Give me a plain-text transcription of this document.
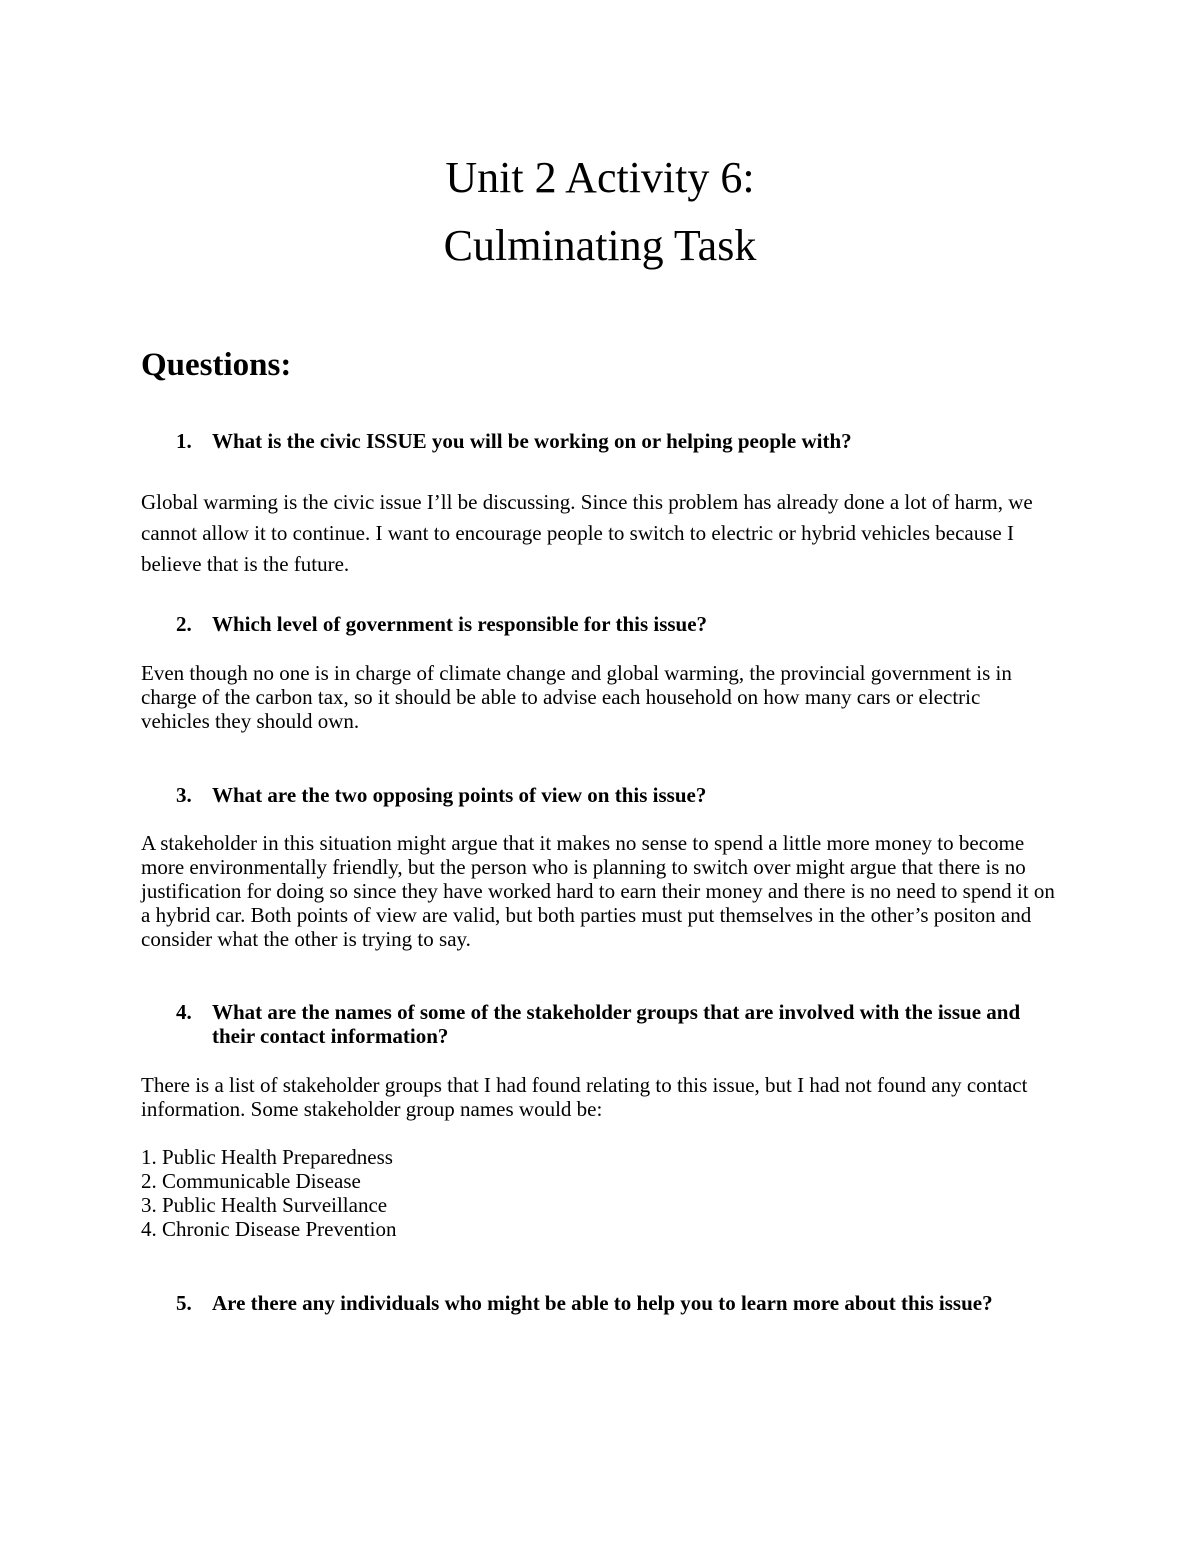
Unit 2 Activity 6:
Culminating Task
Questions:
1. What is the civic ISSUE you will be working on or helping people with?
Global warming is the civic issue I’ll be discussing. Since this problem has already done a lot of harm, we cannot allow it to continue. I want to encourage people to switch to electric or hybrid vehicles because I believe that is the future.
2. Which level of government is responsible for this issue?
Even though no one is in charge of climate change and global warming, the provincial government is in charge of the carbon tax, so it should be able to advise each household on how many cars or electric vehicles they should own.
3. What are the two opposing points of view on this issue?
A stakeholder in this situation might argue that it makes no sense to spend a little more money to become more environmentally friendly, but the person who is planning to switch over might argue that there is no justification for doing so since they have worked hard to earn their money and there is no need to spend it on a hybrid car. Both points of view are valid, but both parties must put themselves in the other’s positon and consider what the other is trying to say.
4. What are the names of some of the stakeholder groups that are involved with the issue and their contact information?
There is a list of stakeholder groups that I had found relating to this issue, but I had not found any contact information. Some stakeholder group names would be:
1. Public Health Preparedness
2. Communicable Disease
3. Public Health Surveillance
4. Chronic Disease Prevention
5. Are there any individuals who might be able to help you to learn more about this issue?
